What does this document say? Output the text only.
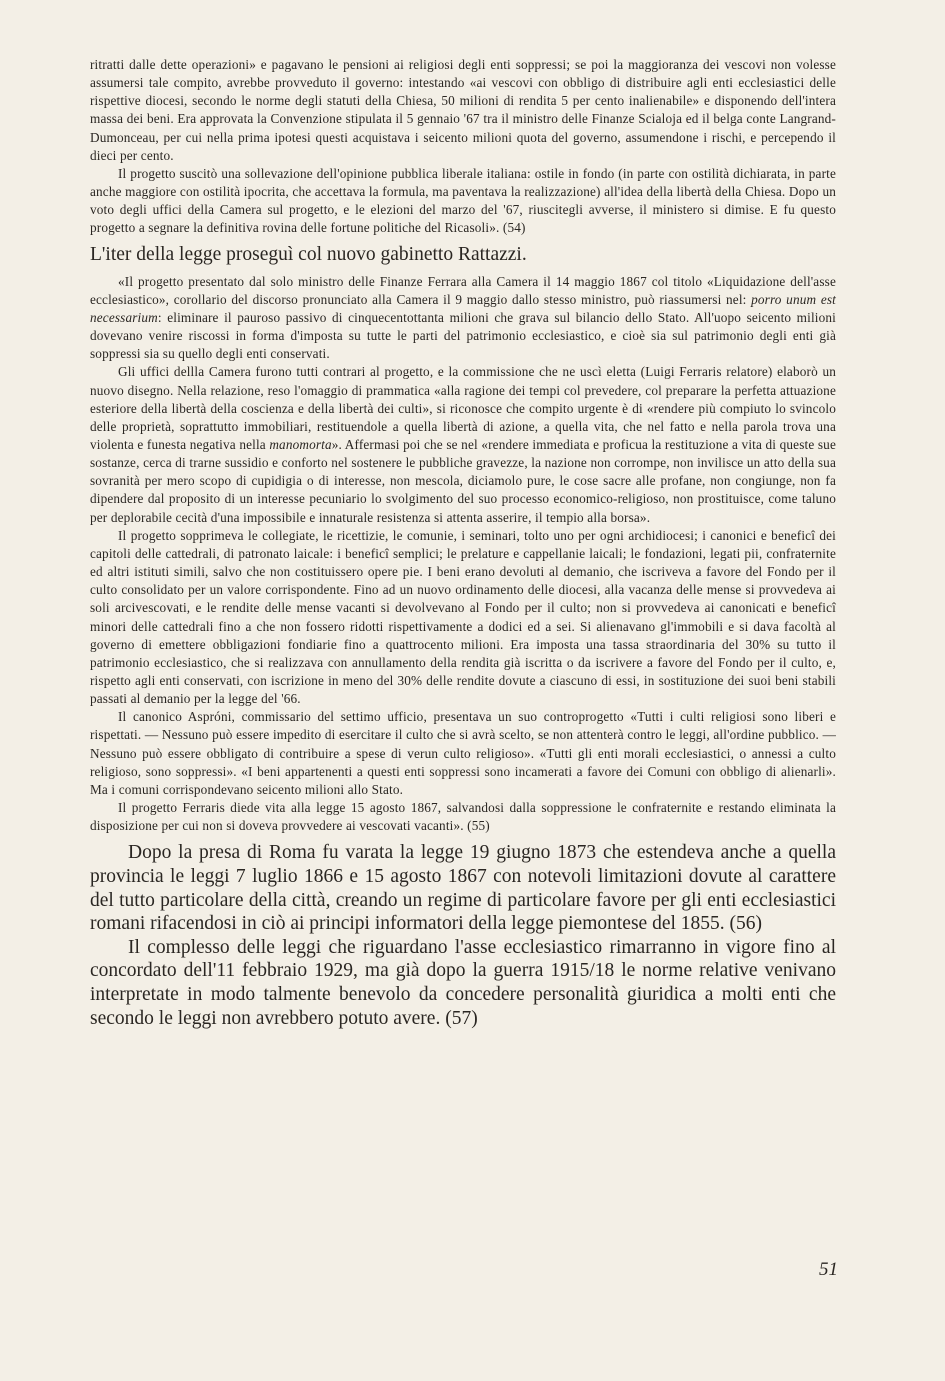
ritratti dalle dette operazioni» e pagavano le pensioni ai religiosi degli enti soppressi; se poi la maggioranza dei vescovi non volesse assumersi tale compito, avrebbe provveduto il governo: intestando «ai vescovi con obbligo di distribuire agli enti ecclesiastici delle rispettive diocesi, secondo le norme degli statuti della Chiesa, 50 milioni di rendita 5 per cento inalienabile» e disponendo dell'intera massa dei beni. Era approvata la Convenzione stipulata il 5 gennaio '67 tra il ministro delle Finanze Scialoja ed il belga conte Langrand-Dumonceau, per cui nella prima ipotesi questi acquistava i seicento milioni quota del governo, assumendone i rischi, e percependo il dieci per cento.

Il progetto suscitò una sollevazione dell'opinione pubblica liberale italiana: ostile in fondo (in parte con ostilità dichiarata, in parte anche maggiore con ostilità ipocrita, che accettava la formula, ma paventava la realizzazione) all'idea della libertà della Chiesa. Dopo un voto degli uffici della Camera sul progetto, e le elezioni del marzo del '67, riuscitegli avverse, il ministero si dimise. E fu questo progetto a segnare la definitiva rovina delle fortune politiche del Ricasoli». (54)

L'iter della legge proseguì col nuovo gabinetto Rattazzi.

«Il progetto presentato dal solo ministro delle Finanze Ferrara alla Camera il 14 maggio 1867 col titolo «Liquidazione dell'asse ecclesiastico», corollario del discorso pronunciato alla Camera il 9 maggio dallo stesso ministro, può riassumersi nel: porro unum est necessarium: eliminare il pauroso passivo di cinquecentottanta milioni che grava sul bilancio dello Stato. All'uopo seicento milioni dovevano venire riscossi in forma d'imposta su tutte le parti del patrimonio ecclesiastico, e cioè sia sul patrimonio degli enti già soppressi sia su quello degli enti conservati.

Gli uffici dellla Camera furono tutti contrari al progetto, e la commissione che ne uscì eletta (Luigi Ferraris relatore) elaborò un nuovo disegno. Nella relazione, reso l'omaggio di prammatica «alla ragione dei tempi col prevedere, col preparare la perfetta attuazione esteriore della libertà della coscienza e della libertà dei culti», si riconosce che compito urgente è di «rendere più compiuto lo svincolo delle proprietà, soprattutto immobiliari, restituendole a quella libertà di azione, a quella vita, che nel fatto e nella parola trova una violenta e funesta negativa nella manomorta». Affermasi poi che se nel «rendere immediata e proficua la restituzione a vita di queste sue sostanze, cerca di trarne sussidio e conforto nel sostenere le pubbliche gravezze, la nazione non corrompe, non invilisce un atto della sua sovranità per mero scopo di cupidigia o di interesse, non mescola, diciamolo pure, le cose sacre alle profane, non congiunge, non fa dipendere dal proposito di un interesse pecuniario lo svolgimento del suo processo economico-religioso, non prostituisce, come taluno per deplorabile cecità d'una impossibile e innaturale resistenza si attenta asserire, il tempio alla borsa».

Il progetto sopprimeva le collegiate, le ricettizie, le comunie, i seminari, tolto uno per ogni archidiocesi; i canonici e beneficî dei capitoli delle cattedrali, di patronato laicale: i beneficî semplici; le prelature e cappellanie laicali; le fondazioni, legati pii, confraternite ed altri istituti simili, salvo che non costituissero opere pie. I beni erano devoluti al demanio, che iscriveva a favore del Fondo per il culto consolidato per un valore corrispondente. Fino ad un nuovo ordinamento delle diocesi, alla vacanza delle mense si provvedeva ai soli arcivescovati, e le rendite delle mense vacanti si devolvevano al Fondo per il culto; non si provvedeva ai canonicati e beneficî minori delle cattedrali fino a che non fossero ridotti rispettivamente a dodici ed a sei. Si alienavano gl'immobili e si dava facoltà al governo di emettere obbligazioni fondiarie fino a quattrocento milioni. Era imposta una tassa straordinaria del 30% su tutto il patrimonio ecclesiastico, che si realizzava con annullamento della rendita già iscritta o da iscrivere a favore del Fondo per il culto, e, rispetto agli enti conservati, con iscrizione in meno del 30% delle rendite dovute a ciascuno di essi, in sostituzione dei suoi beni stabili passati al demanio per la legge del '66.

Il canonico Aspróni, commissario del settimo ufficio, presentava un suo controprogetto «Tutti i culti religiosi sono liberi e rispettati. — Nessuno può essere impedito di esercitare il culto che si avrà scelto, se non attenterà contro le leggi, all'ordine pubblico. — Nessuno può essere obbligato di contribuire a spese di verun culto religioso». «Tutti gli enti morali ecclesiastici, o annessi a culto religioso, sono soppressi». «I beni appartenenti a questi enti soppressi sono incamerati a favore dei Comuni con obbligo di alienarli». Ma i comuni corrispondevano seicento milioni allo Stato.

Il progetto Ferraris diede vita alla legge 15 agosto 1867, salvandosi dalla soppressione le confraternite e restando eliminata la disposizione per cui non si doveva provvedere ai vescovati vacanti». (55)

Dopo la presa di Roma fu varata la legge 19 giugno 1873 che estendeva anche a quella provincia le leggi 7 luglio 1866 e 15 agosto 1867 con notevoli limitazioni dovute al carattere del tutto particolare della città, creando un regime di particolare favore per gli enti ecclesiastici romani rifacendosi in ciò ai principi informatori della legge piemontese del 1855. (56)

Il complesso delle leggi che riguardano l'asse ecclesiastico rimarranno in vigore fino al concordato dell'11 febbraio 1929, ma già dopo la guerra 1915/18 le norme relative venivano interpretate in modo talmente benevolo da concedere personalità giuridica a molti enti che secondo le leggi non avrebbero potuto avere. (57)

51
